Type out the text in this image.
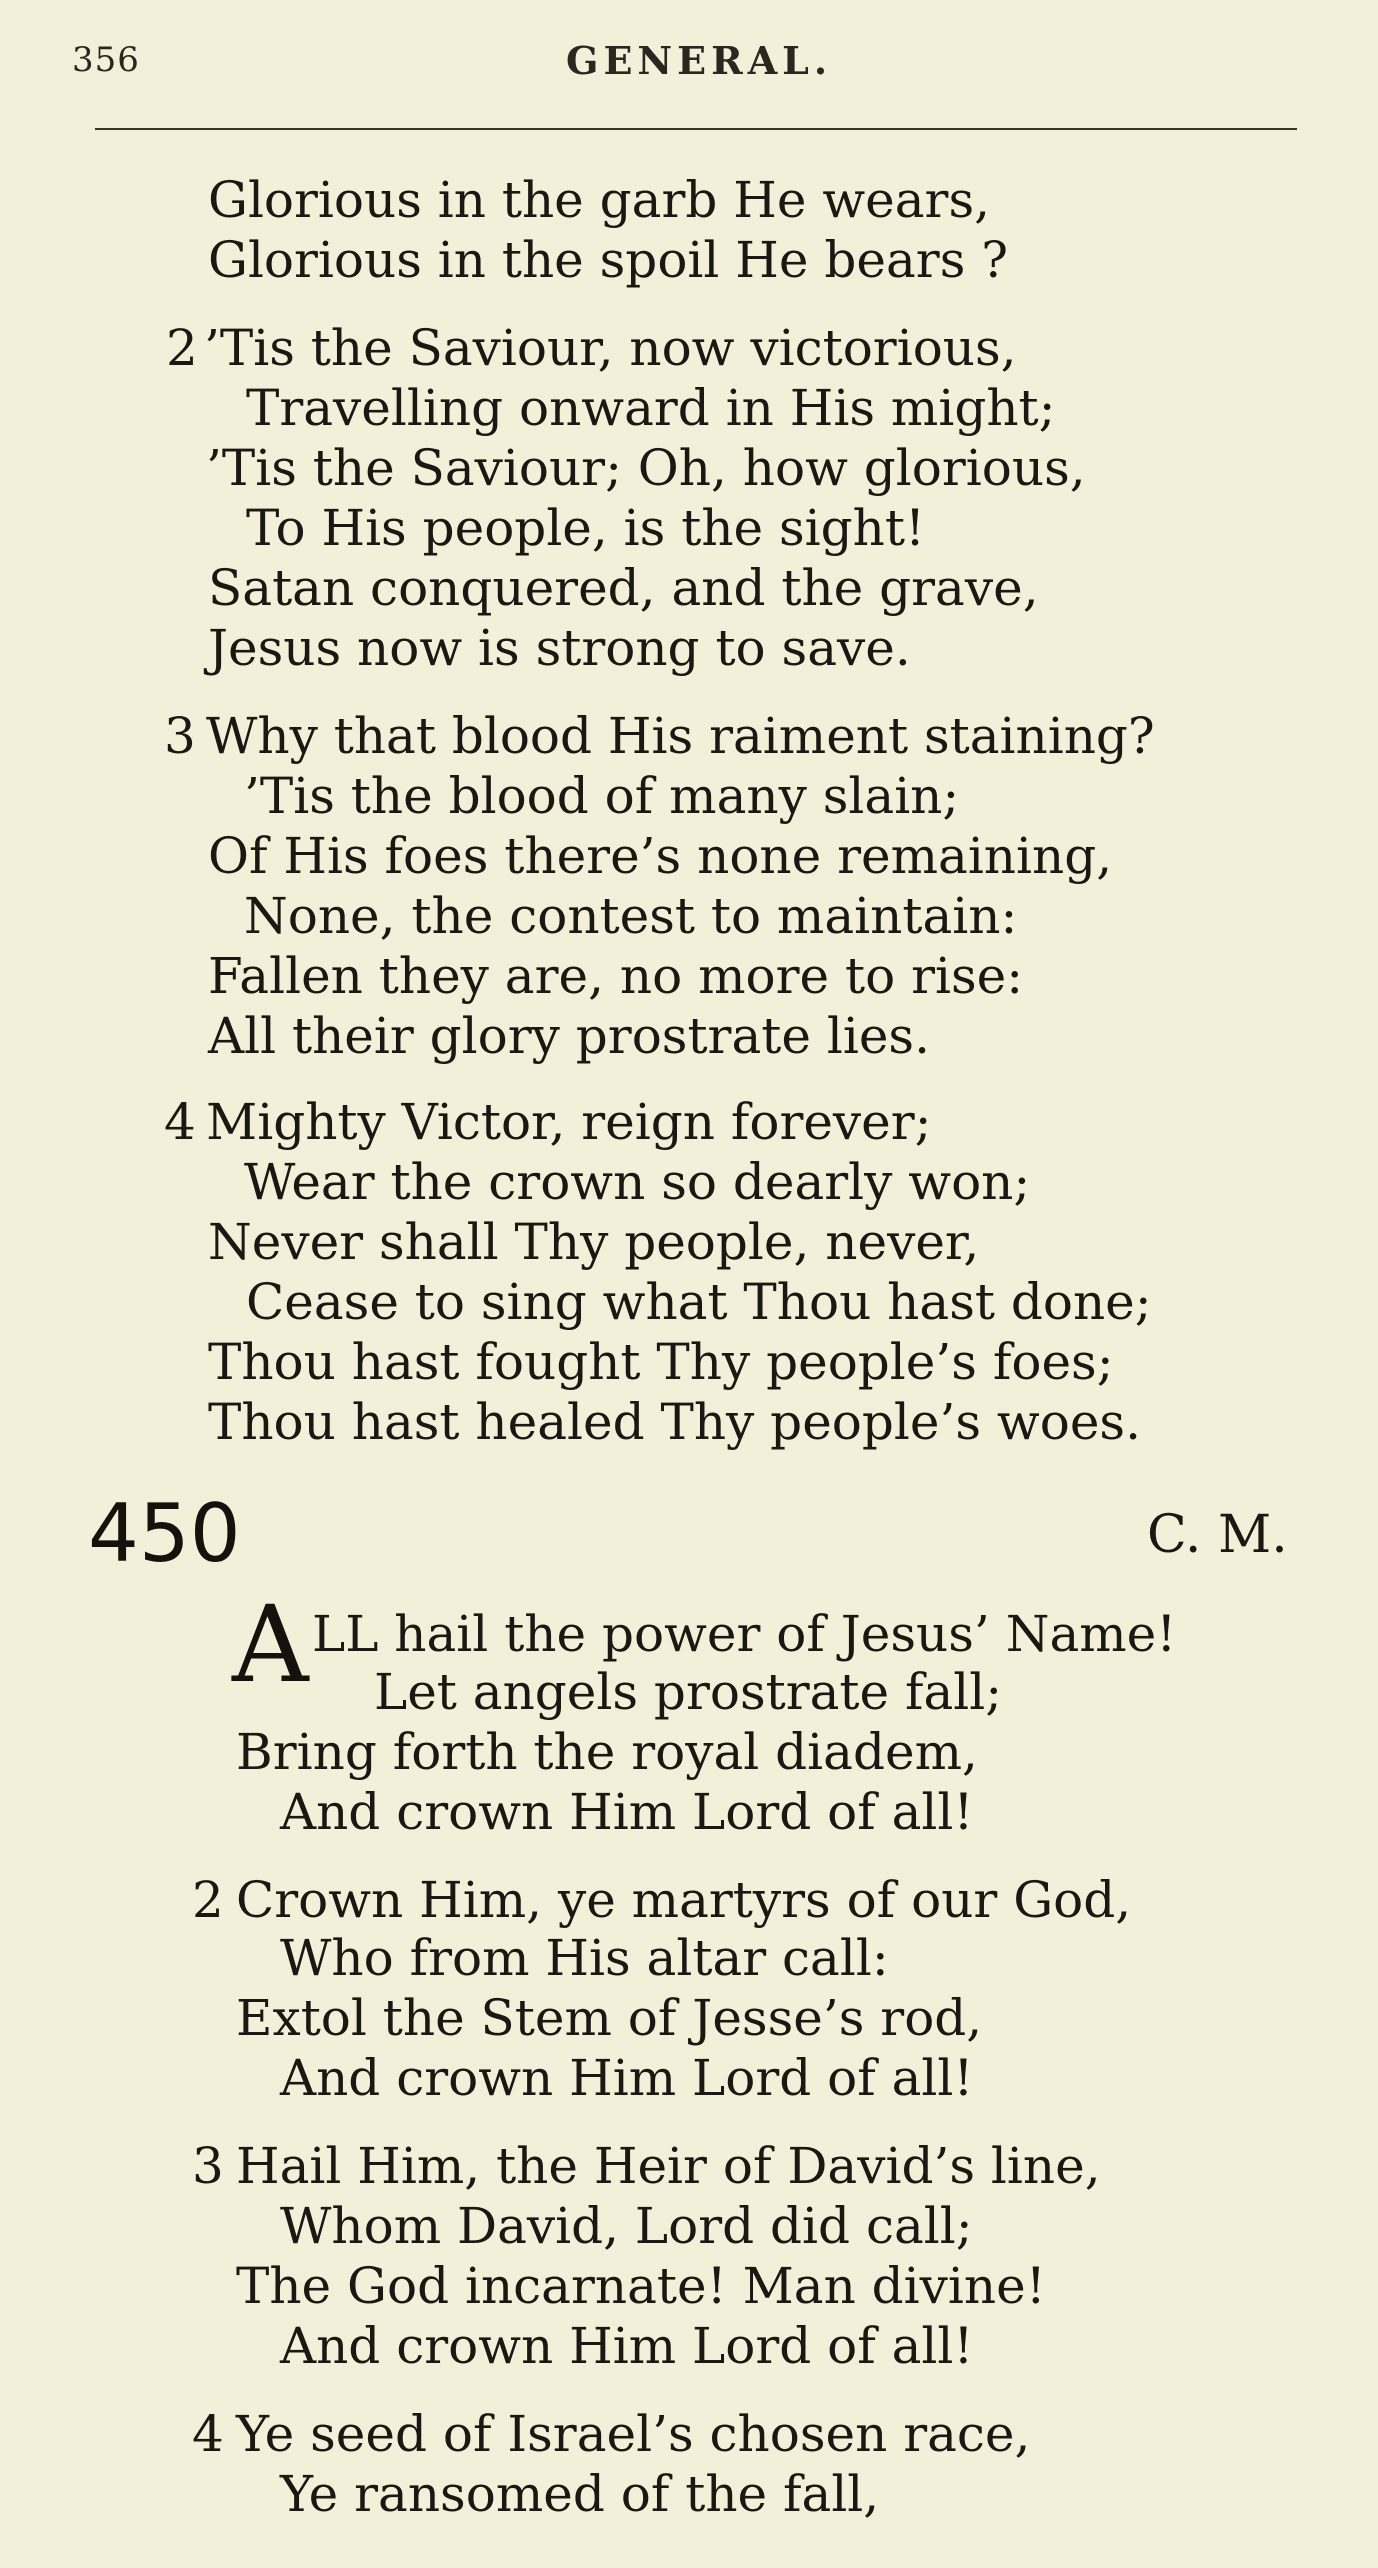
356	GENERAL.
Glorious in the garb He wears,
Glorious in the spoil He bears ?
2 ’Tis the Saviour, now victorious,
Travelling onward in His might;
’Tis the Saviour; Oh, how glorious,
To His people, is the sight!
Satan conquered, and the grave,
Jesus now is strong to save.
3 Why that blood His raiment staining?
’Tis the blood of many slain;
Of His foes there’s none remaining,
None, the contest to maintain:
Fallen they are, no more to rise:
All their glory prostrate lies.
4 Mighty Victor, reign forever;
Wear the crown so dearly won;
Never shall Thy people, never,
Cease to sing what Thou hast done;
Thou hast fought Thy people’s foes;
Thou hast healed Thy people’s woes.
450	C. M.
A LL hail the power of Jesus’ Name!
Let angels prostrate fall;
Bring forth the royal diadem,
And crown Him Lord of all!
2 Crown Him, ye martyrs of our God,
Who from His altar call:
Extol the Stem of Jesse’s rod,
And crown Him Lord of all!
3 Hail Him, the Heir of David’s line,
Whom David, Lord did call;
The God incarnate! Man divine!
And crown Him Lord of all!
4 Ye seed of Israel’s chosen race,
Ye ransomed of the fall,
